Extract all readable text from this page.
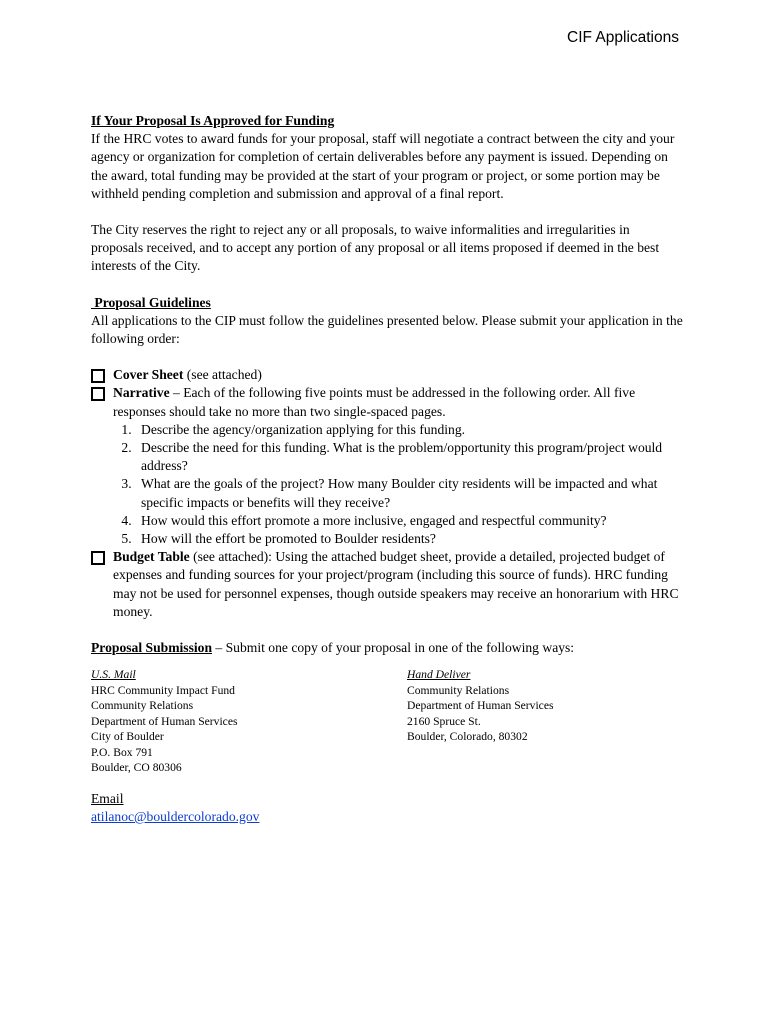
CIF Applications

If Your Proposal Is Approved for Funding

If the HRC votes to award funds for your proposal, staff will negotiate a contract between the city and your agency or organization for completion of certain deliverables before any payment is issued. Depending on the award, total funding may be provided at the start of your program or project, or some portion may be withheld pending completion and submission and approval of a final report.

The City reserves the right to reject any or all proposals, to waive informalities and irregularities in proposals received, and to accept any portion of any proposal or all items proposed if deemed in the best interests of the City.

Proposal Guidelines

All applications to the CIP must follow the guidelines presented below. Please submit your application in the following order:

Cover Sheet (see attached)
Narrative – Each of the following five points must be addressed in the following order. All five responses should take no more than two single-spaced pages.
1. Describe the agency/organization applying for this funding.
2. Describe the need for this funding. What is the problem/opportunity this program/project would address?
3. What are the goals of the project? How many Boulder city residents will be impacted and what specific impacts or benefits will they receive?
4. How would this effort promote a more inclusive, engaged and respectful community?
5. How will the effort be promoted to Boulder residents?
Budget Table (see attached): Using the attached budget sheet, provide a detailed, projected budget of expenses and funding sources for your project/program (including this source of funds). HRC funding may not be used for personnel expenses, though outside speakers may receive an honorarium with HRC money.

Proposal Submission – Submit one copy of your proposal in one of the following ways:

U.S. Mail
HRC Community Impact Fund
Community Relations
Department of Human Services
City of Boulder
P.O. Box 791
Boulder, CO 80306
Hand Deliver
Community Relations
Department of Human Services
2160 Spruce St.
Boulder, Colorado, 80302
Email
atilanoc@bouldercolorado.gov
